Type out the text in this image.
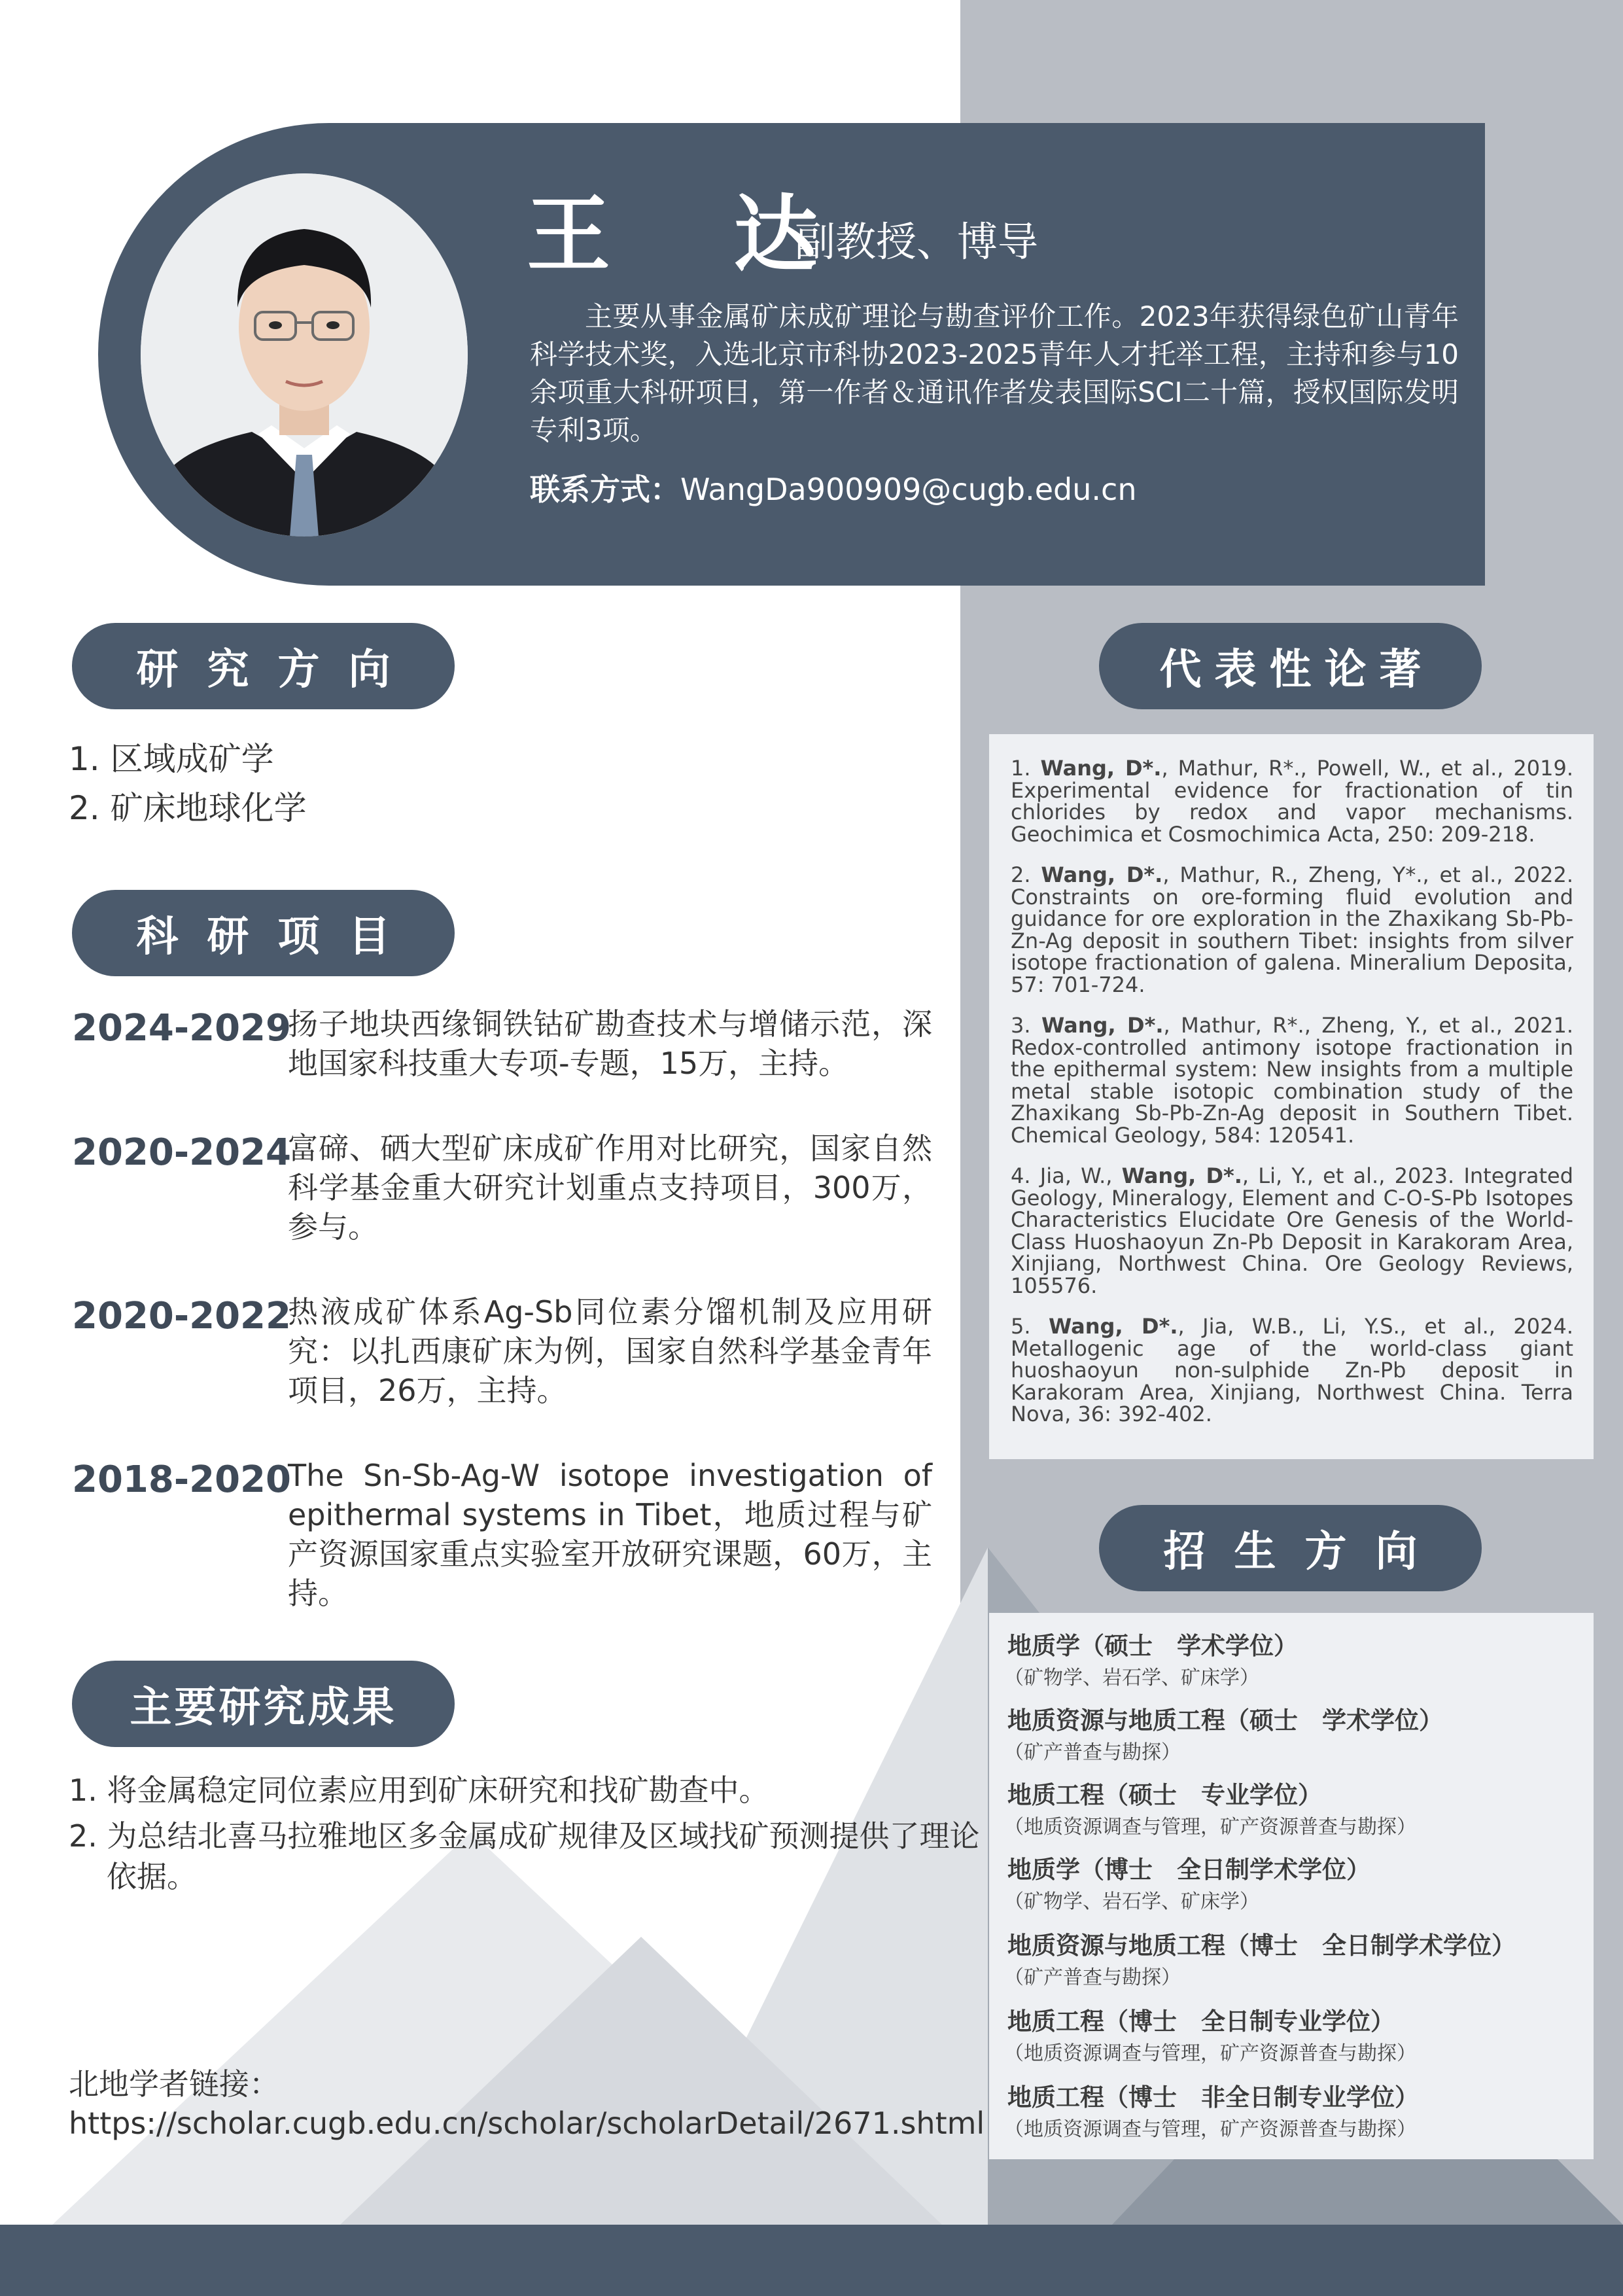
王 达
副教授、博导
主要从事金属矿床成矿理论与勘查评价工作。2023年获得绿色矿山青年科学技术奖，入选北京市科协2023-2025青年人才托举工程，主持和参与10余项重大科研项目，第一作者＆通讯作者发表国际SCI二十篇，授权国际发明专利3项。
联系方式：WangDa900909@cugb.edu.cn
研究方向
1. 区域成矿学
2. 矿床地球化学
科研项目
2024-2029
扬子地块西缘铜铁钴矿勘查技术与增储示范，深地国家科技重大专项-专题，15万，主持。
2020-2024
富碲、硒大型矿床成矿作用对比研究，国家自然科学基金重大研究计划重点支持项目，300万，参与。
2020-2022
热液成矿体系Ag-Sb同位素分馏机制及应用研究：以扎西康矿床为例，国家自然科学基金青年项目，26万，主持。
2018-2020
The Sn-Sb-Ag-W isotope investigation of epithermal systems in Tibet，地质过程与矿产资源国家重点实验室开放研究课题，60万，主持。
主要研究成果
1. 将金属稳定同位素应用到矿床研究和找矿勘查中。
2. 为总结北喜马拉雅地区多金属成矿规律及区域找矿预测提供了理论依据。
北地学者链接：
https://scholar.cugb.edu.cn/scholar/scholarDetail/2671.shtml
代表性论著
1. Wang, D*., Mathur, R*., Powell, W., et al., 2019. Experimental evidence for fractionation of tin chlorides by redox and vapor mechanisms. Geochimica et Cosmochimica Acta, 250: 209-218.
2. Wang, D*., Mathur, R., Zheng, Y*., et al., 2022. Constraints on ore-forming fluid evolution and guidance for ore exploration in the Zhaxikang Sb-Pb-Zn-Ag deposit in southern Tibet: insights from silver isotope fractionation of galena. Mineralium Deposita, 57: 701-724.
3. Wang, D*., Mathur, R*., Zheng, Y., et al., 2021. Redox-controlled antimony isotope fractionation in the epithermal system: New insights from a multiple metal stable isotopic combination study of the Zhaxikang Sb-Pb-Zn-Ag deposit in Southern Tibet. Chemical Geology, 584: 120541.
4. Jia, W., Wang, D*., Li, Y., et al., 2023. Integrated Geology, Mineralogy, Element and C-O-S-Pb Isotopes Characteristics Elucidate Ore Genesis of the World-Class Huoshaoyun Zn-Pb Deposit in Karakoram Area, Xinjiang, Northwest China. Ore Geology Reviews, 105576.
5. Wang, D*., Jia, W.B., Li, Y.S., et al., 2024. Metallogenic age of the world-class giant huoshaoyun non-sulphide Zn-Pb deposit in Karakoram Area, Xinjiang, Northwest China. Terra Nova, 36: 392-402.
招生方向
地质学（硕士　学术学位）
（矿物学、岩石学、矿床学）
地质资源与地质工程（硕士　学术学位）
（矿产普查与勘探）
地质工程（硕士　专业学位）
（地质资源调查与管理，矿产资源普查与勘探）
地质学（博士　全日制学术学位）
（矿物学、岩石学、矿床学）
地质资源与地质工程（博士　全日制学术学位）
（矿产普查与勘探）
地质工程（博士　全日制专业学位）
（地质资源调查与管理，矿产资源普查与勘探）
地质工程（博士　非全日制专业学位）
（地质资源调查与管理，矿产资源普查与勘探）
